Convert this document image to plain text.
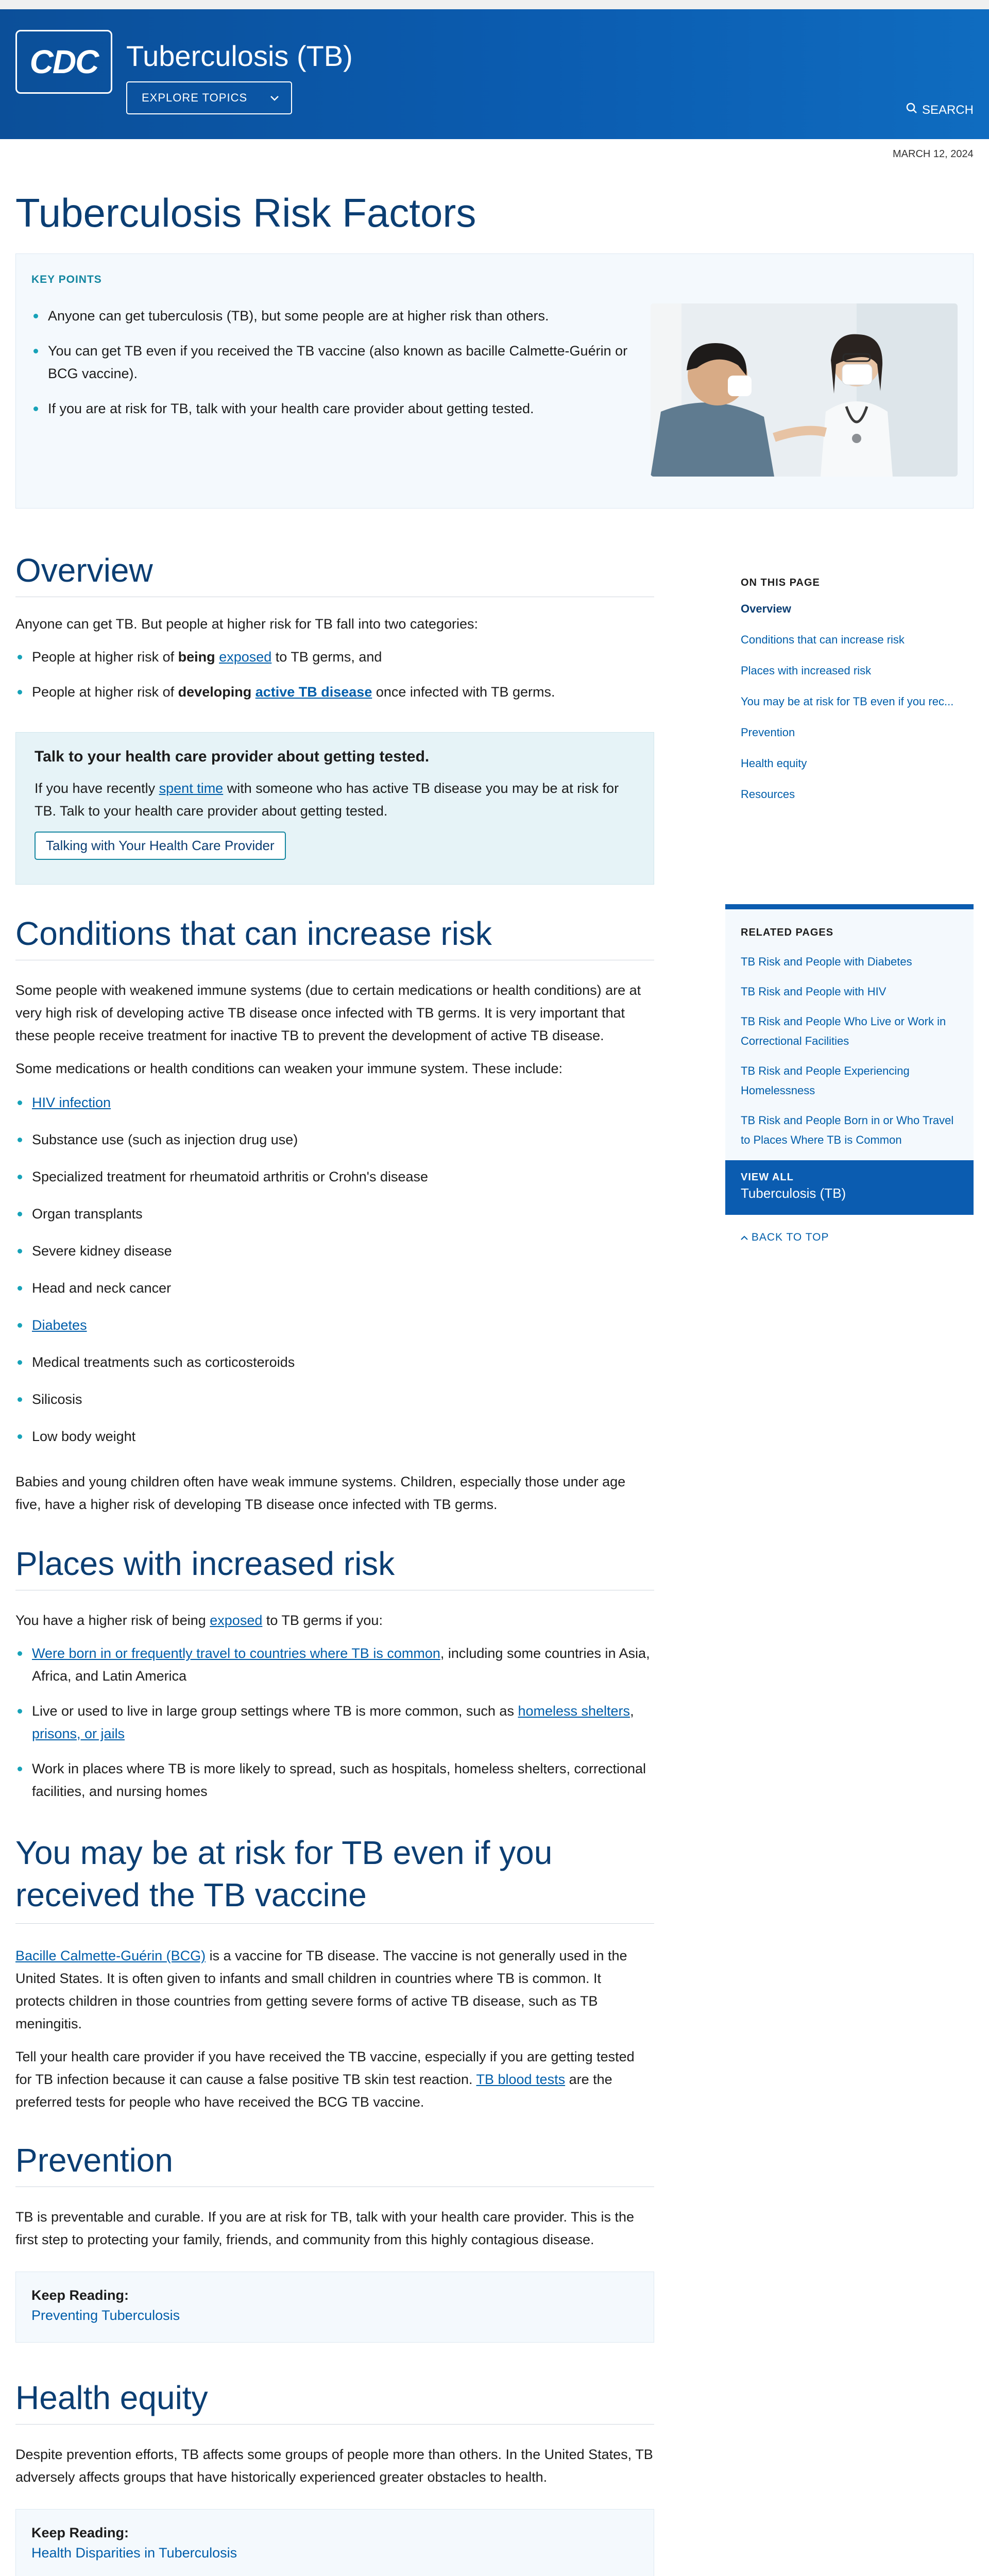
CDC Tuberculosis (TB)
EXPLORE TOPICS
SEARCH
MARCH 12, 2024
Tuberculosis Risk Factors
KEY POINTS
Anyone can get tuberculosis (TB), but some people are at higher risk than others.
You can get TB even if you received the TB vaccine (also known as bacille Calmette-Guérin or BCG vaccine).
If you are at risk for TB, talk with your health care provider about getting tested.
Overview

Anyone can get TB. But people at higher risk for TB fall into two categories:

People at higher risk of being exposed to TB germs, and
People at higher risk of developing active TB disease once infected with TB germs.

Talk to your health care provider about getting tested.

If you have recently spent time with someone who has active TB disease you may be at risk for TB. Talk to your health care provider about getting tested.

Talking with Your Health Care Provider
Conditions that can increase risk

Some people with weakened immune systems (due to certain medications or health conditions) are at very high risk of developing active TB disease once infected with TB germs. It is very important that these people receive treatment for inactive TB to prevent the development of active TB disease.

Some medications or health conditions can weaken your immune system. These include:

HIV infection
Substance use (such as injection drug use)
Specialized treatment for rheumatoid arthritis or Crohn's disease
Organ transplants
Severe kidney disease
Head and neck cancer
Diabetes
Medical treatments such as corticosteroids
Silicosis
Low body weight

Babies and young children often have weak immune systems. Children, especially those under age five, have a higher risk of developing TB disease once infected with TB germs.

Places with increased risk

You have a higher risk of being exposed to TB germs if you:

Were born in or frequently travel to countries where TB is common, including some countries in Asia, Africa, and Latin America
Live or used to live in large group settings where TB is more common, such as homeless shelters, prisons, or jails
Work in places where TB is more likely to spread, such as hospitals, homeless shelters, correctional facilities, and nursing homes
You may be at risk for TB even if you received the TB vaccine

Bacille Calmette-Guérin (BCG) is a vaccine for TB disease. The vaccine is not generally used in the United States. It is often given to infants and small children in countries where TB is common. It protects children in those countries from getting severe forms of active TB disease, such as TB meningitis.

Tell your health care provider if you have received the TB vaccine, especially if you are getting tested for TB infection because it can cause a false positive TB skin test reaction. TB blood tests are the preferred tests for people who have received the BCG TB vaccine.

Prevention

TB is preventable and curable. If you are at risk for TB, talk with your health care provider. This is the first step to protecting your family, friends, and community from this highly contagious disease.

Keep Reading:

Preventing Tuberculosis
Health equity

Despite prevention efforts, TB affects some groups of people more than others. In the United States, TB adversely affects groups that have historically experienced greater obstacles to health.

Keep Reading:

Health Disparities in Tuberculosis
ON THIS PAGE
Overview
Conditions that can increase risk
Places with increased risk
You may be at risk for TB even if you rec...
Prevention
Health equity
Resources
RELATED PAGES
TB Risk and People with Diabetes
TB Risk and People with HIV
TB Risk and People Who Live or Work in Correctional Facilities
TB Risk and People Experiencing Homelessness
TB Risk and People Born in or Who Travel to Places Where TB is Common
VIEW ALL
Tuberculosis (TB)
BACK TO TOP
